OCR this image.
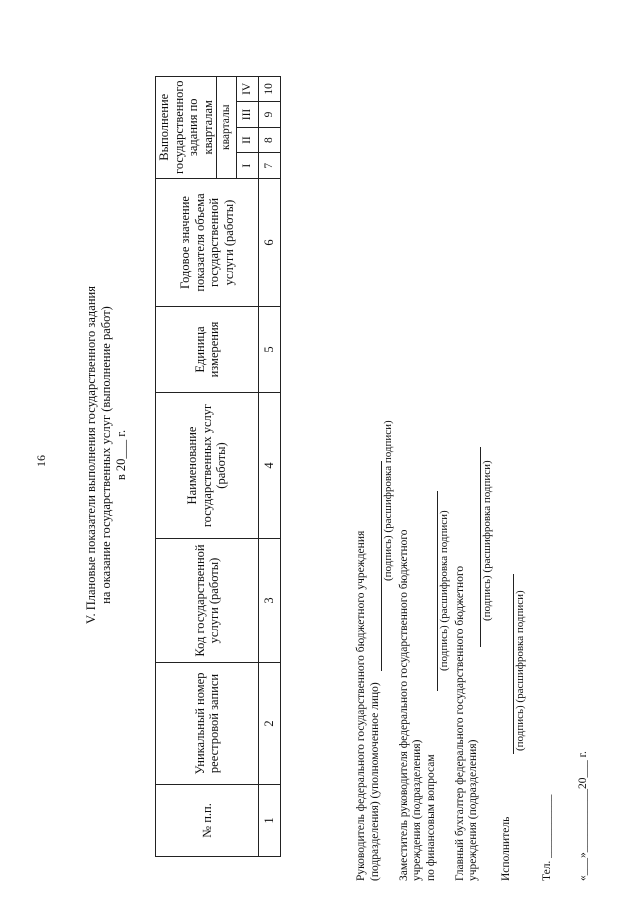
16	V. Плановые показатели выполнения государственного задания на оказание государственных услуг (выполнение работ) в 20___ г.
№ п.п.	Уникальный номер реестровой записи	Код государственной услуги (работы)	Наименование государственных услуг (работы)	Единица измерения	Годовое значение показателя объема государственной услуги (работы)	Выполнение государственного задания по кварталам			
						кварталы			
						I	II	III	IV
1	2	3	4	5	6	7	8	9	10
Руководитель федерального государственного бюджетного учреждения (подразделения) (уполномоченное лицо)
(подпись) (расшифровка подписи)
Заместитель руководителя федерального государственного бюджетного учреждения (подразделения) по финансовым вопросам
(подпись) (расшифровка подписи) Главный бухгалтер федерального государственного бюджетного учреждения (подразделения)
(подпись) (расшифровка подписи)
Исполнитель
(подпись) (расшифровка подписи)
Тел. ___________ «___»___________20___ г.
